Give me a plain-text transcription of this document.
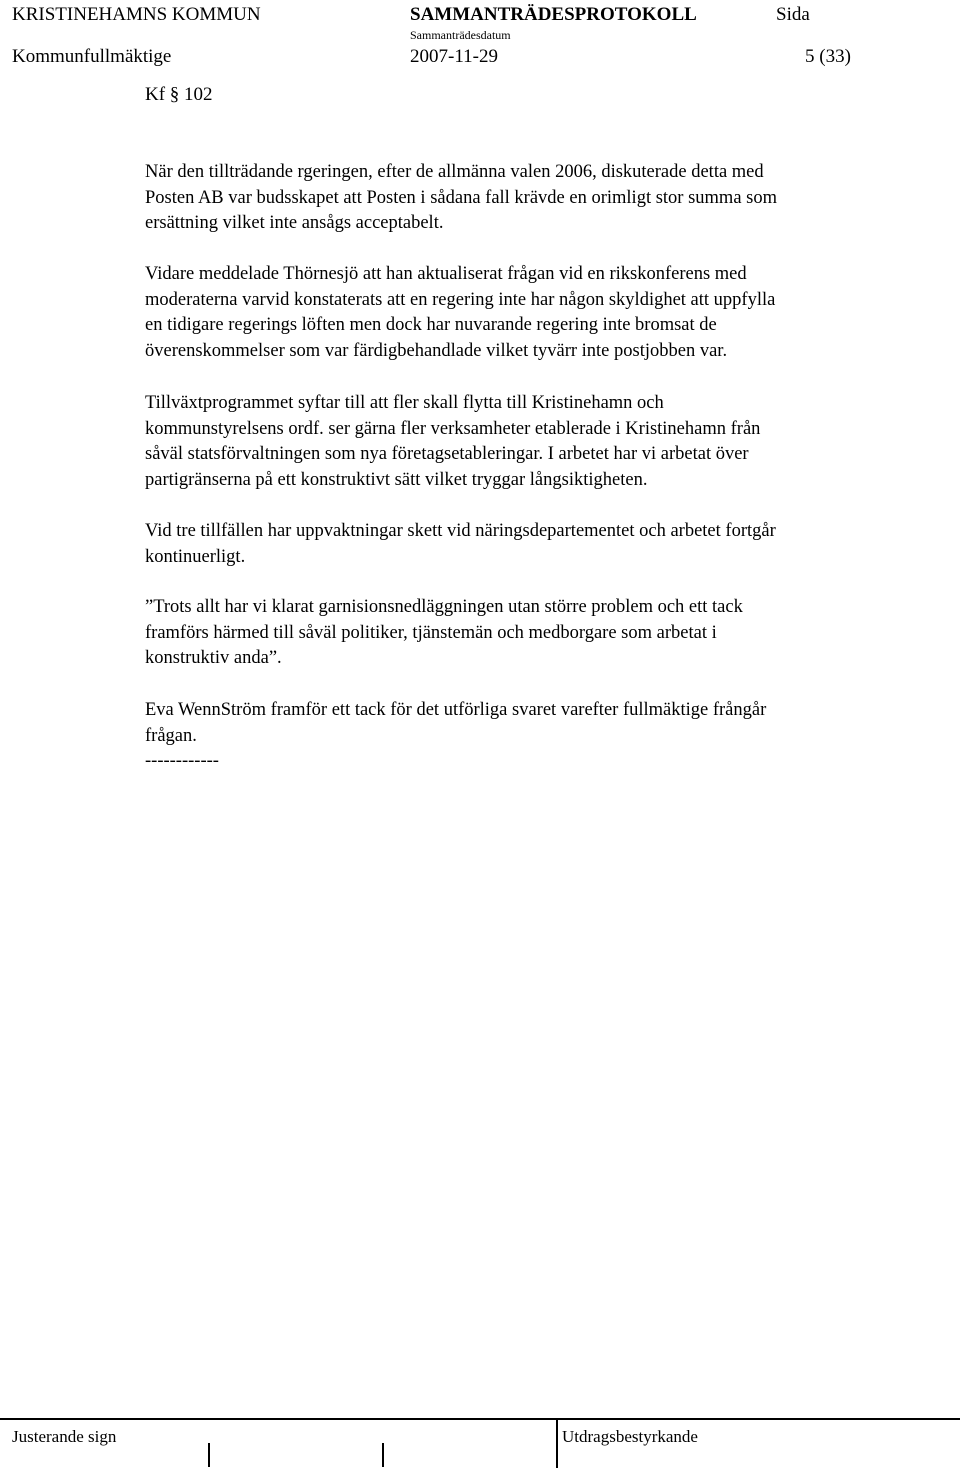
KRISTINEHAMNS KOMMUN	SAMMANTRÄDESPROTOKOLL	Sida
Sammanträdesdatum
Kommunfullmäktige	2007-11-29	5 (33)
Kf § 102
När den tillträdande rgeringen, efter de allmänna valen 2006, diskuterade detta med
Posten AB var budsskapet att Posten i sådana fall krävde en orimligt stor summa som
ersättning vilket inte ansågs acceptabelt.
Vidare meddelade Thörnesjö att han aktualiserat frågan vid en rikskonferens med
moderaterna varvid konstaterats att en regering inte har någon skyldighet att uppfylla
en tidigare regerings löften men dock har nuvarande regering inte bromsat de
överenskommelser som var färdigbehandlade vilket tyvärr inte postjobben var.
Tillväxtprogrammet syftar till att fler skall flytta till Kristinehamn och
kommunstyrelsens ordf. ser gärna fler verksamheter etablerade i Kristinehamn från
såväl statsförvaltningen som nya företagsetableringar. I arbetet har vi arbetat över
partigränserna på ett konstruktivt sätt vilket tryggar långsiktigheten.
Vid tre tillfällen har uppvaktningar skett vid näringsdepartementet och arbetet fortgår
kontinuerligt.
”Trots allt har vi klarat garnisionsnedläggningen utan större problem och ett tack
framförs härmed till såväl politiker, tjänstemän och medborgare som arbetat i
konstruktiv anda”.
Eva WennStröm framför ett tack för det utförliga svaret varefter fullmäktige frångår
frågan.
------------
Justerande sign	Utdragsbestyrkande
